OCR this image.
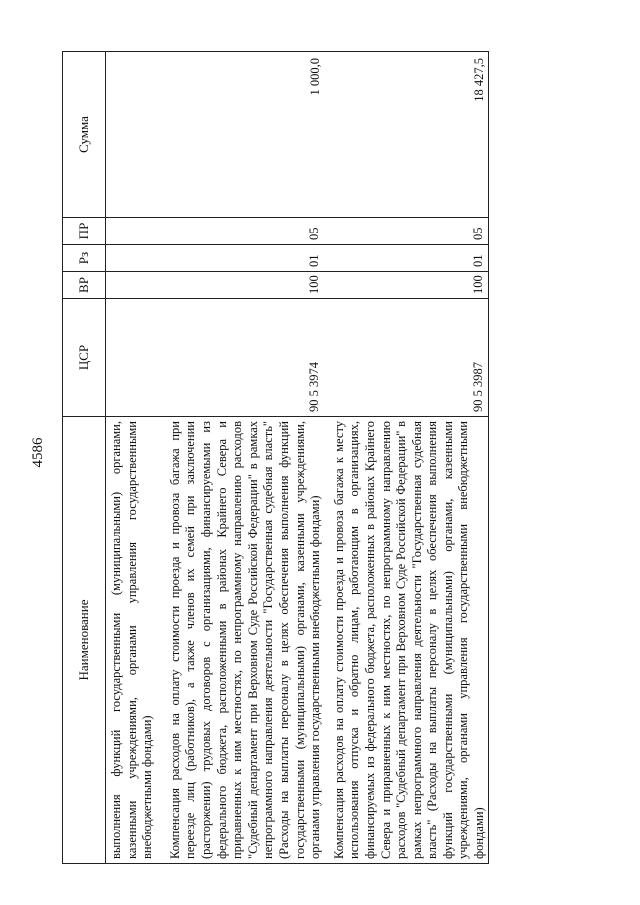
4586
Наименование	ЦСР	ВР	Рз	ПР	Сумма
выполнения функций государственными (муниципальными) органами, казенными учреждениями, органами управления государственными внебюджетными фондами)					
Компенсация расходов на оплату стоимости проезда и провоза багажа при переезде лиц (работников), а также членов их семей при заключении (расторжении) трудовых договоров с организациями, финансируемыми из федерального бюджета, расположенными в районах Крайнего Севера и приравненных к ним местностях, по непрограммному направлению расходов "Судебный департамент при Верховном Суде Российской Федерации" в рамках непрограммного направления деятельности "Государственная судебная власть" (Расходы на выплаты персоналу в целях обеспечения выполнения функций государственными (муниципальными) органами, казенными учреждениями, органами управления государственными внебюджетными фондами)	90 5 3974	100	01	05	1 000,0
Компенсация расходов на оплату стоимости проезда и провоза багажа к месту использования отпуска и обратно лицам, работающим в организациях, финансируемых из федерального бюджета, расположенных в районах Крайнего Севера и приравненных к ним местностях, по непрограммному направлению расходов "Судебный департамент при Верховном Суде Российской Федерации" в рамках непрограммного направления деятельности "Государственная судебная власть" (Расходы на выплаты персоналу в целях обеспечения выполнения функций государственными (муниципальными) органами, казенными учреждениями, органами управления государственными внебюджетными фондами)	90 5 3987	100	01	05	18 427,5
